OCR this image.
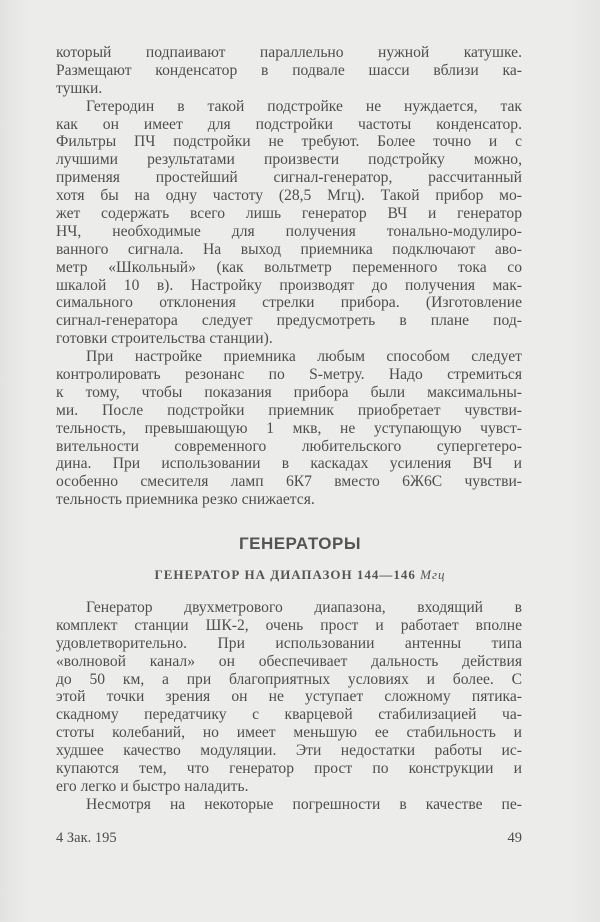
который подпаивают параллельно нужной катушке.
Размещают конденсатор в подвале шасси вблизи ка-
тушки.
Гетеродин в такой подстройке не нуждается, так
как он имеет для подстройки частоты конденсатор.
Фильтры ПЧ подстройки не требуют. Более точно и с
лучшими результатами произвести подстройку можно,
применяя простейший сигнал-генератор, рассчитанный
хотя бы на одну частоту (28,5 Мгц). Такой прибор мо-
жет содержать всего лишь генератор ВЧ и генератор
НЧ, необходимые для получения тонально-модулиро-
ванного сигнала. На выход приемника подключают аво-
метр «Школьный» (как вольтметр переменного тока со
шкалой 10 в). Настройку производят до получения мак-
симального отклонения стрелки прибора. (Изготовление
сигнал-генератора следует предусмотреть в плане под-
готовки строительства станции).
При настройке приемника любым способом следует
контролировать резонанс по S-метру. Надо стремиться
к тому, чтобы показания прибора были максимальны-
ми. После подстройки приемник приобретает чувстви-
тельность, превышающую 1 мкв, не уступающую чувст-
вительности современного любительского супергетеро-
дина. При использовании в каскадах усиления ВЧ и
особенно смесителя ламп 6К7 вместо 6Ж6С чувстви-
тельность приемника резко снижается.
ГЕНЕРАТОРЫ
ГЕНЕРАТОР НА ДИАПАЗОН 144—146 Мгц
Генератор двухметрового диапазона, входящий в
комплект станции ШК-2, очень прост и работает вполне
удовлетворительно. При использовании антенны типа
«волновой канал» он обеспечивает дальность действия
до 50 км, а при благоприятных условиях и более. С
этой точки зрения он не уступает сложному пятика-
скадному передатчику с кварцевой стабилизацией ча-
стоты колебаний, но имеет меньшую ее стабильность и
худшее качество модуляции. Эти недостатки работы ис-
купаются тем, что генератор прост по конструкции и
его легко и быстро наладить.
Несмотря на некоторые погрешности в качестве пе-
4 Зак. 195	49
